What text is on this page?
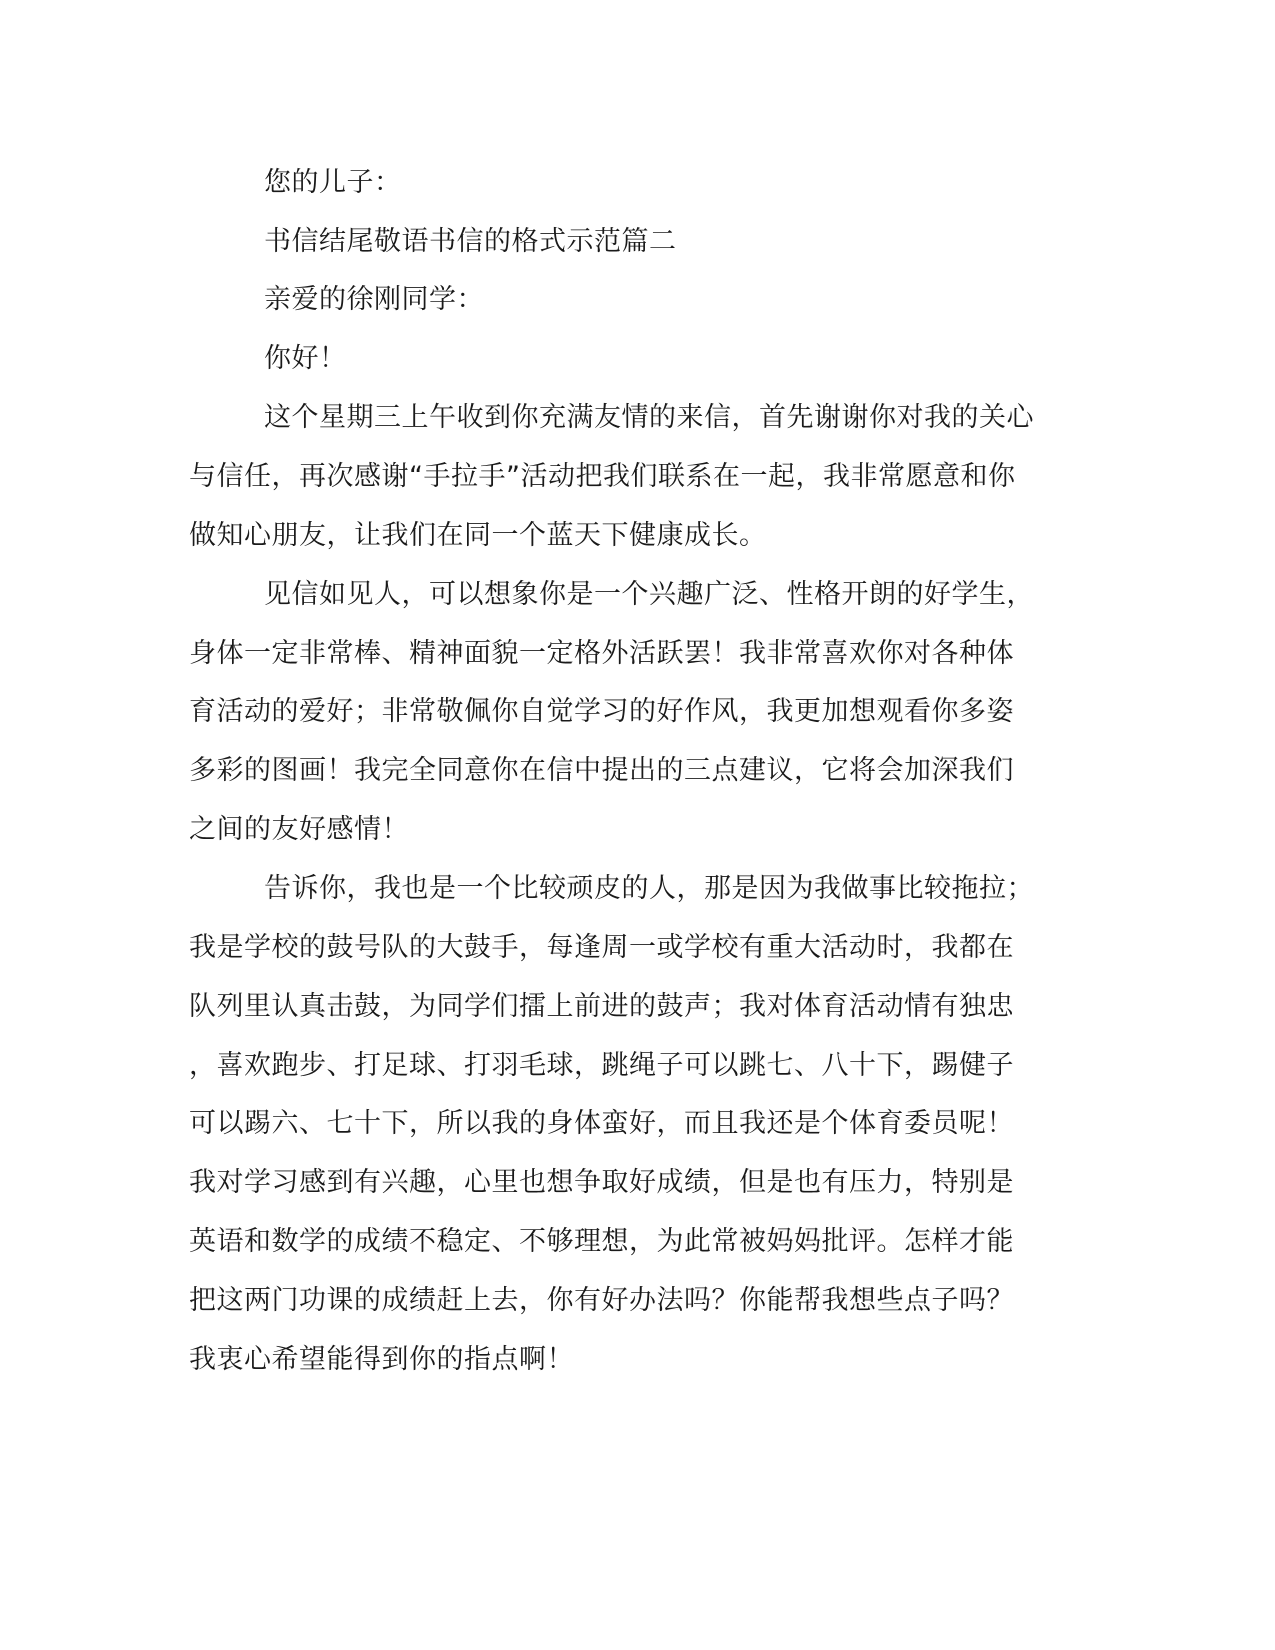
您的儿子：
书信结尾敬语书信的格式示范篇二
亲爱的徐刚同学：
你好！
这个星期三上午收到你充满友情的来信，首先谢谢你对我的关心
与信任，再次感谢“手拉手”活动把我们联系在一起，我非常愿意和你
做知心朋友，让我们在同一个蓝天下健康成长。
见信如见人，可以想象你是一个兴趣广泛、性格开朗的好学生，
身体一定非常棒、精神面貌一定格外活跃罢！我非常喜欢你对各种体
育活动的爱好；非常敬佩你自觉学习的好作风，我更加想观看你多姿
多彩的图画！我完全同意你在信中提出的三点建议，它将会加深我们
之间的友好感情！
告诉你，我也是一个比较顽皮的人，那是因为我做事比较拖拉；
我是学校的鼓号队的大鼓手，每逢周一或学校有重大活动时，我都在
队列里认真击鼓，为同学们擂上前进的鼓声；我对体育活动情有独忠
，喜欢跑步、打足球、打羽毛球，跳绳子可以跳七、八十下，踢健子
可以踢六、七十下，所以我的身体蛮好，而且我还是个体育委员呢！
我对学习感到有兴趣，心里也想争取好成绩，但是也有压力，特别是
英语和数学的成绩不稳定、不够理想，为此常被妈妈批评。怎样才能
把这两门功课的成绩赶上去，你有好办法吗？你能帮我想些点子吗？
我衷心希望能得到你的指点啊！
